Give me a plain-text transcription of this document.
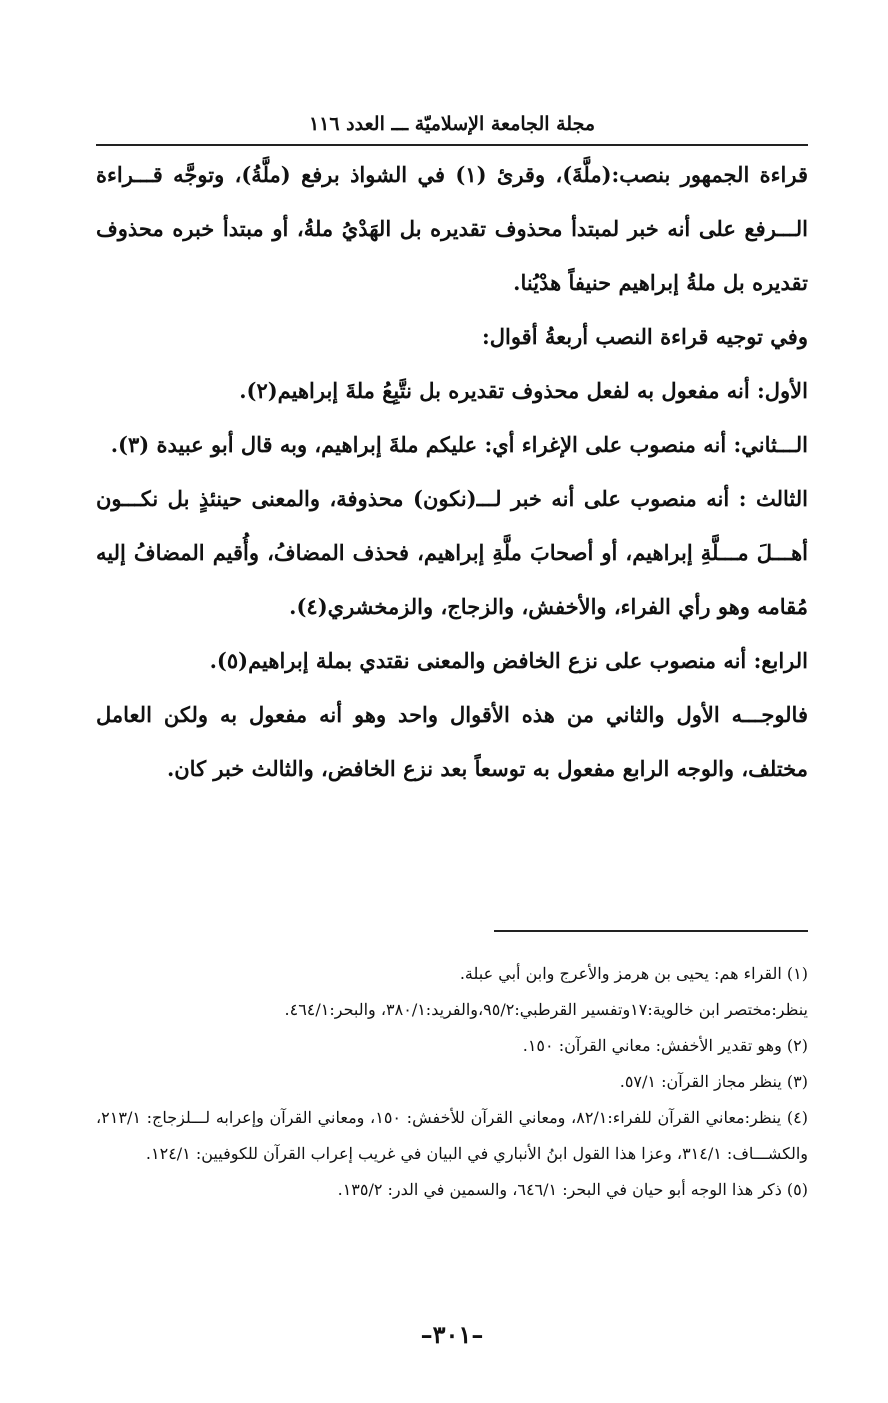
مجلة الجامعة الإسلاميّة ـــ العدد ١١٦

قراءة الجمهور بنصب:(ملَّةَ)، وقرئ (١) في الشواذ برفع (ملَّةُ)، وتوجَّه قـــراءة الـــرفع على أنه خبر لمبتدأ محذوف تقديره بل الهَدْيُ ملةُ، أو مبتدأ خبره محذوف تقديره بل ملةُ إبراهيم حنيفاً هدْيُنا.

وفي توجيه قراءة النصب أربعةُ أقوال:

الأول: أنه مفعول به لفعل محذوف تقديره بل نتَّبِعُ ملةَ إبراهيم(٢).

الـــثاني: أنه منصوب على الإغراء أي: عليكم ملةَ إبراهيم، وبه قال أبو عبيدة (٣).

الثالث : أنه منصوب على أنه خبر لـــ(نكون) محذوفة، والمعنى حينئذٍ بل نكـــون أهـــلَ مـــلَّةِ إبراهيم، أو أصحابَ ملَّةِ إبراهيم، فحذف المضافُ، وأُقيم المضافُ إليه مُقامه وهو رأي الفراء، والأخفش، والزجاج، والزمخشري(٤).

الرابع: أنه منصوب على نزع الخافض والمعنى نقتدي بملة إبراهيم(٥).

فالوجـــه الأول والثاني من هذه الأقوال واحد وهو أنه مفعول به ولكن العامل مختلف، والوجه الرابع مفعول به توسعاً بعد نزع الخافض، والثالث خبر كان.

(١) القراء هم: يحيى بن هرمز والأعرج وابن أبي عبلة.

ينظر:مختصر ابن خالوية:١٧وتفسير القرطبي:٩٥/٢،والفريد:٣٨٠/١، والبحر:٤٦٤/١.

(٢) وهو تقدير الأخفش: معاني القرآن: ١٥٠.

(٣) ينظر مجاز القرآن: ٥٧/١.

(٤) ينظر:معاني القرآن للفراء:٨٢/١، ومعاني القرآن للأخفش: ١٥٠، ومعاني القرآن وإعرابه لـــلزجاج: ٢١٣/١، والكشـــاف: ٣١٤/١، وعزا هذا القول ابنُ الأنباري في البيان في غريب إعراب القرآن للكوفيين: ١٢٤/١.

(٥) ذكر هذا الوجه أبو حيان في البحر: ٦٤٦/١، والسمين في الدر: ١٣٥/٢.

–٣٠١–
